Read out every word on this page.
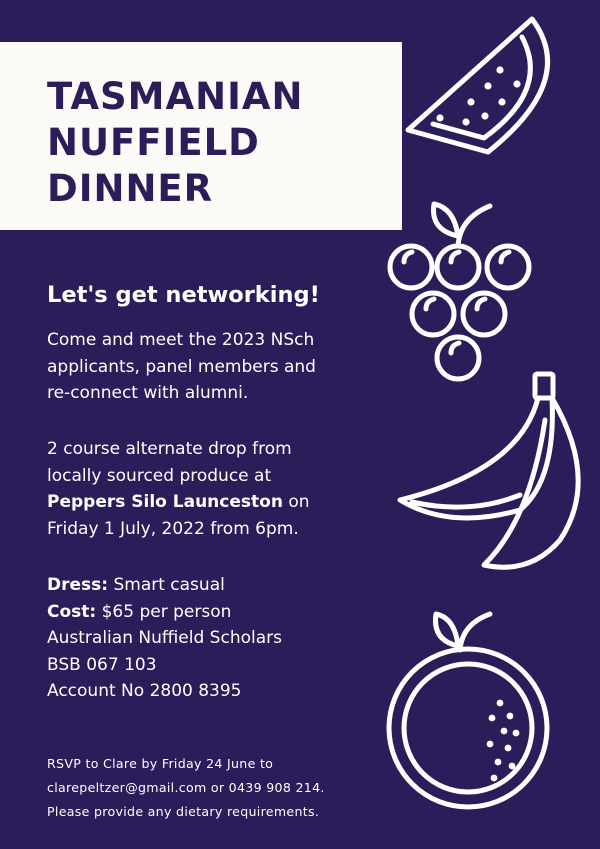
TASMANIAN
NUFFIELD
DINNER
Let's get networking!

Come and meet the 2023 NSch
applicants, panel members and
re-connect with alumni.

2 course alternate drop from
locally sourced produce at
Peppers Silo Launceston on
Friday 1 July, 2022 from 6pm.

Dress: Smart casual
Cost: $65 per person
Australian Nuffield Scholars
BSB 067 103
Account No 2800 8395

RSVP to Clare by Friday 24 June to
clarepeltzer@gmail.com or 0439 908 214.
Please provide any dietary requirements.
